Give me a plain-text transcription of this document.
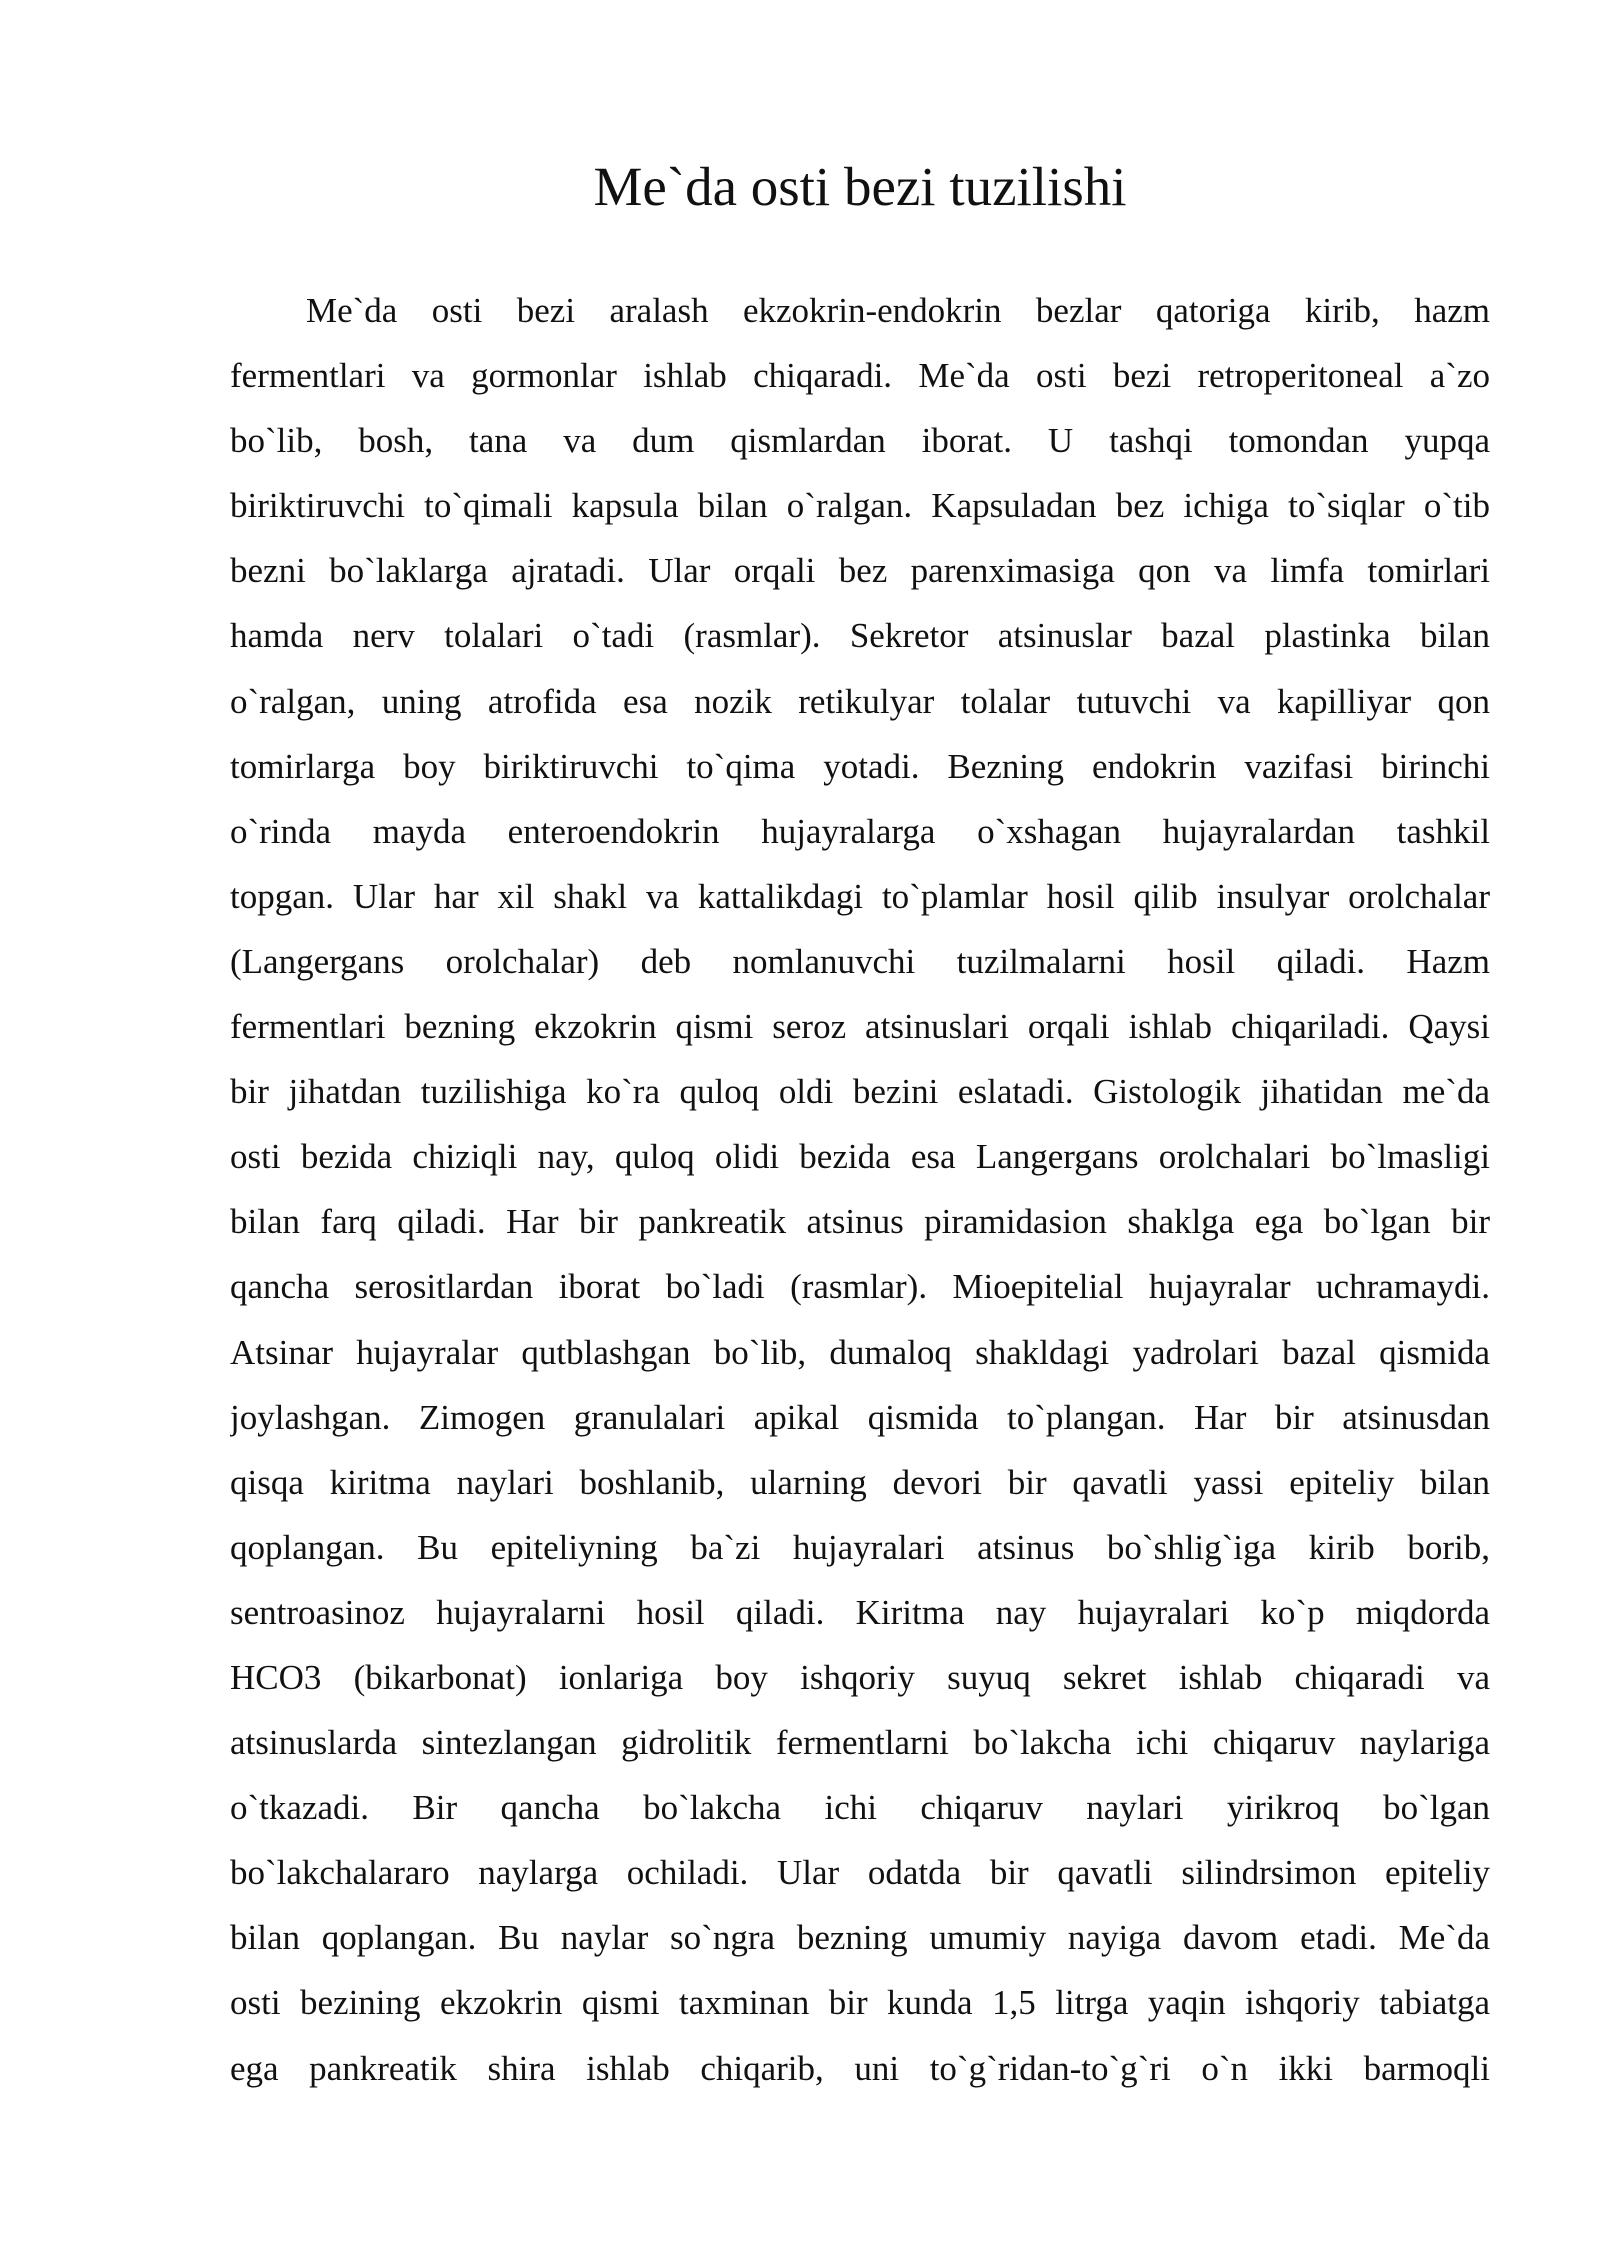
Me`da osti bezi tuzilishi
Me`da osti bezi aralash ekzokrin-endokrin bezlar qatoriga kirib, hazm
fermentlari va gormonlar ishlab chiqaradi. Me`da osti bezi retroperitoneal a`zo
bo`lib, bosh, tana va dum qismlardan iborat. U tashqi tomondan yupqa
biriktiruvchi to`qimali kapsula bilan o`ralgan. Kapsuladan bez ichiga to`siqlar o`tib
bezni bo`laklarga ajratadi. Ular orqali bez parenximasiga qon va limfa tomirlari
hamda nerv tolalari o`tadi (rasmlar). Sekretor atsinuslar bazal plastinka bilan
o`ralgan, uning atrofida esa nozik retikulyar tolalar tutuvchi va kapilliyar qon
tomirlarga boy biriktiruvchi to`qima yotadi. Bezning endokrin vazifasi birinchi
o`rinda mayda enteroendokrin hujayralarga o`xshagan hujayralardan tashkil
topgan. Ular har xil shakl va kattalikdagi to`plamlar hosil qilib insulyar orolchalar
(Langergans orolchalar) deb nomlanuvchi tuzilmalarni hosil qiladi. Hazm
fermentlari bezning ekzokrin qismi seroz atsinuslari orqali ishlab chiqariladi. Qaysi
bir jihatdan tuzilishiga ko`ra quloq oldi bezini eslatadi. Gistologik jihatidan me`da
osti bezida chiziqli nay, quloq olidi bezida esa Langergans orolchalari bo`lmasligi
bilan farq qiladi. Har bir pankreatik atsinus piramidasion shaklga ega bo`lgan bir
qancha serositlardan iborat bo`ladi (rasmlar). Mioepitelial hujayralar uchramaydi.
Atsinar hujayralar qutblashgan bo`lib, dumaloq shakldagi yadrolari bazal qismida
joylashgan. Zimogen granulalari apikal qismida to`plangan. Har bir atsinusdan
qisqa kiritma naylari boshlanib, ularning devori bir qavatli yassi epiteliy bilan
qoplangan. Bu epiteliyning ba`zi hujayralari atsinus bo`shlig`iga kirib borib,
sentroasinoz hujayralarni hosil qiladi. Kiritma nay hujayralari ko`p miqdorda
HCO3 (bikarbonat) ionlariga boy ishqoriy suyuq sekret ishlab chiqaradi va
atsinuslarda sintezlangan gidrolitik fermentlarni bo`lakcha ichi chiqaruv naylariga
o`tkazadi. Bir qancha bo`lakcha ichi chiqaruv naylari yirikroq bo`lgan
bo`lakchalararo naylarga ochiladi. Ular odatda bir qavatli silindrsimon epiteliy
bilan qoplangan. Bu naylar so`ngra bezning umumiy nayiga davom etadi. Me`da
osti bezining ekzokrin qismi taxminan bir kunda 1,5 litrga yaqin ishqoriy tabiatga
ega pankreatik shira ishlab chiqarib, uni to`g`ridan-to`g`ri o`n ikki barmoqli
